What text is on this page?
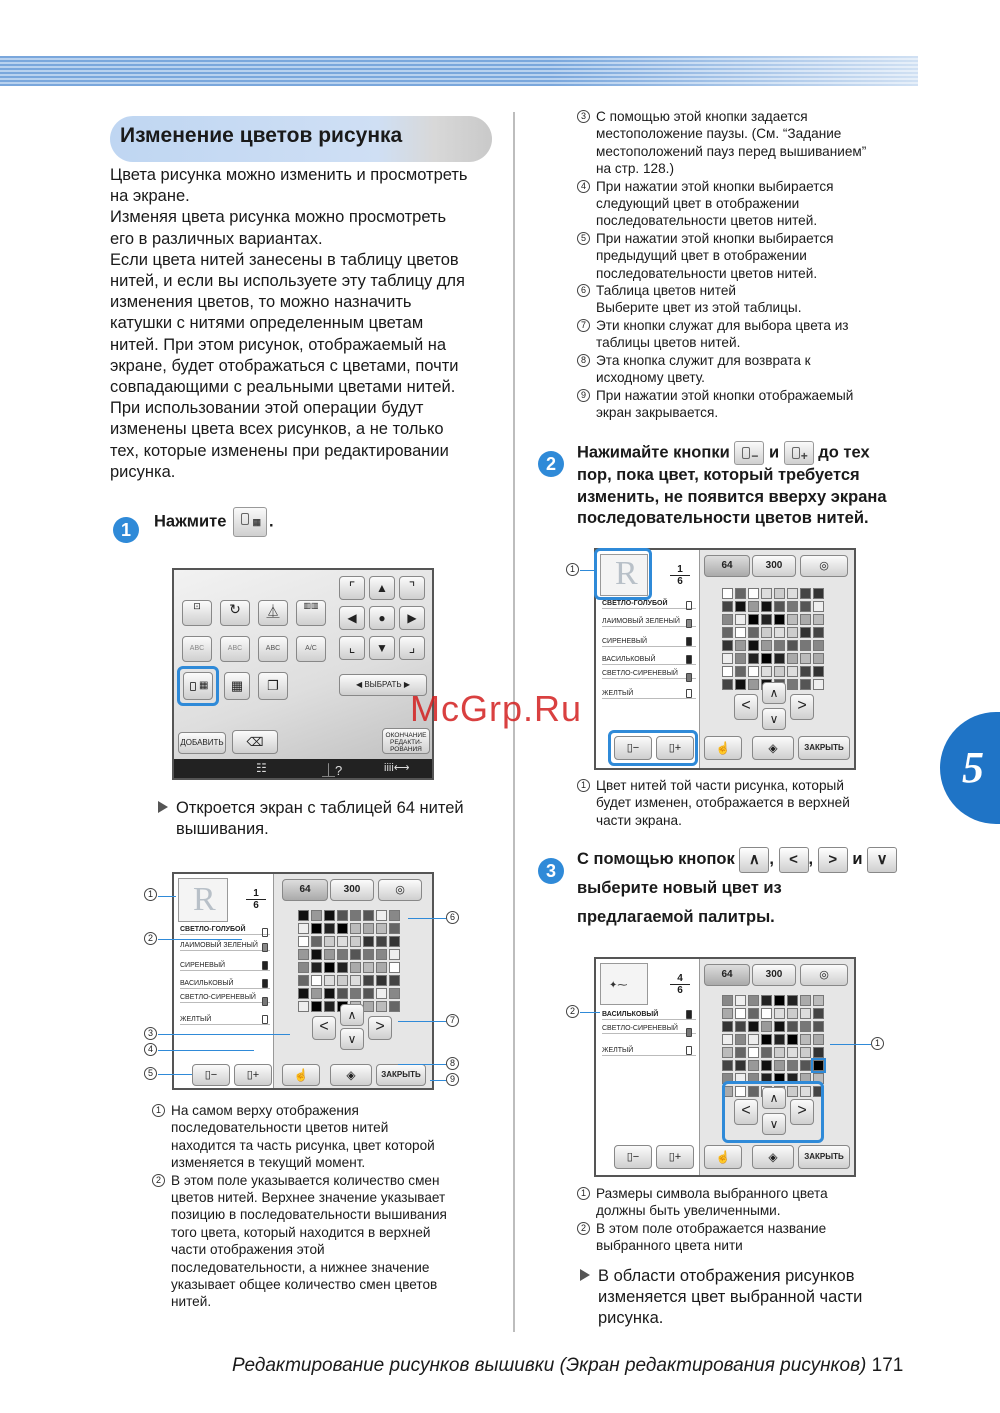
Изменение цветов рисунка
Цвета рисунка можно изменить и просмотреть
на экране.
Изменяя цвета рисунка можно просмотреть
его в различных вариантах.
Если цвета нитей занесены в таблицу цветов
нитей, и если вы используете эту таблицу для
изменения цветов, то можно назначить
катушки с нитями определенным цветам
нитей. При этом рисунок, отображаемый на
экране, будет отображаться с цветами, почти
совпадающими с реальными цветами нитей.
При использовании этой операции будут
изменены цвета всех рисунков, а не только
тех, которые изменены при редактировании
рисунка.
1	Нажмите	▦ .
⊡	↻	⏅	▥▥
ABC	ABC	ABC	A/C
▦	▦	❐
⌜	▲	⌝
◀	●	▶
⌞	▼	⌟
◀ ВЫБРАТЬ ▶
ДОБАВИТЬ	⌫	ОКОНЧАНИЕ
РЕДАКТИ-
РОВАНИЯ
☷	⏊?	iiii⟷
Откроется экран с таблицей 64 нитей
вышивания.
R	1
6
СВЕТЛО-ГОЛУБОЙ
ЛАИМОВЫЙ ЗЕЛЕНЫЙ
СИРЕНЕВЫЙ
ВАСИЛЬКОВЫЙ
СВЕТЛО-СИРЕНЕВЫЙ
ЖЕЛТЫЙ
▯−	▯+
64	300	◎
<
∧
∨
>
☝	◈	ЗАКРЫТЬ
1
2
3
4
5
6
7
8
9
1 На самом верху отображения
последовательности цветов нитей
находится та часть рисунка, цвет которой
изменяется в текущий момент.
2 В этом поле указывается количество смен
цветов нитей. Верхнее значение указывает
позицию в последовательности вышивания
того цвета, который находится в верхней
части отображения этой
последовательности, а нижнее значение
указывает общее количество смен цветов
нитей.
3 С помощью этой кнопки задается
местоположение паузы. (См. “Задание
местоположений пауз перед вышиванием”
на стр. 128.)
4 При нажатии этой кнопки выбирается
следующий цвет в отображении
последовательности цветов нитей.
5 При нажатии этой кнопки выбирается
предыдущий цвет в отображении
последовательности цветов нитей.
6 Таблица цветов нитей
Выберите цвет из этой таблицы.
7 Эти кнопки служат для выбора цвета из
таблицы цветов нитей.
8 Эта кнопка служит для возврата к
исходному цвету.
9 При нажатии этой кнопки отображаемый
экран закрывается.
2
Нажимайте кнопки − и + до тех
пор, пока цвет, который требуется
изменить, не появится вверху экрана
последовательности цветов нитей.
R	1
6
СВЕТЛО-ГОЛУБОЙ
ЛАИМОВЫЙ ЗЕЛЕНЫЙ
СИРЕНЕВЫЙ
ВАСИЛЬКОВЫЙ
СВЕТЛО-СИРЕНЕВЫЙ
ЖЕЛТЫЙ
▯−	▯+
64	300	◎
<
∧
∨
>
☝	◈	ЗАКРЫТЬ
1
1 Цвет нитей той части рисунка, который
будет изменен, отображается в верхней
части экрана.
3
С помощью кнопок ∧ , < , > и ∨
выберите новый цвет из
предлагаемой палитры.
✦⁓
4
6
ВАСИЛЬКОВЫЙ
СВЕТЛО-СИРЕНЕВЫЙ
ЖЕЛТЫЙ
▯−	▯+
64	300	◎
<
∧
∨
>
☝	◈	ЗАКРЫТЬ
2
1
1 Размеры символа выбранного цвета
должны быть увеличенными.
2 В этом поле отображается название
выбранного цвета нити
В области отображения рисунков
изменяется цвет выбранной части
рисунка.
5
McGrp.Ru
Редактирование рисунков вышивки (Экран редактирования рисунков) 171
